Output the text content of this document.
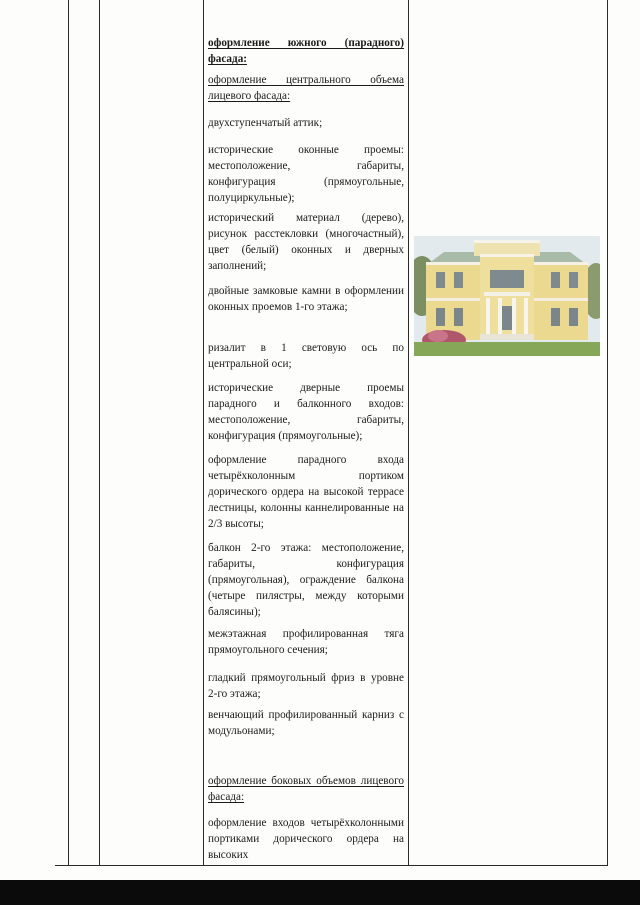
оформление южного (парадного) фасада:
оформление центрального объема лицевого фасада:
двухступенчатый аттик;
исторические оконные проемы: местоположение, габариты, конфигурация (прямоугольные, полуциркульные);
исторический материал (дерево), рисунок расстекловки (многочастный), цвет (белый) оконных и дверных заполнений;
двойные замковые камни в оформлении оконных проемов 1-го этажа;
ризалит в 1 световую ось по центральной оси;
исторические дверные проемы парадного и балконного входов: местоположение, габариты, конфигурация (прямоугольные);
оформление парадного входа четырёхколонным портиком дорического ордера на высокой террасе лестницы, колонны каннелированные на 2/3 высоты;
балкон 2-го этажа: местоположение, габариты, конфигурация (прямоугольная), ограждение балкона (четыре пилястры, между которыми балясины);
межэтажная профилированная тяга прямоугольного сечения;
гладкий прямоугольный фриз в уровне 2-го этажа;
венчающий профилированный карниз с модульонами;
оформление боковых объемов лицевого фасада:
оформление входов четырёхколонными портиками дорического ордера на высоких
